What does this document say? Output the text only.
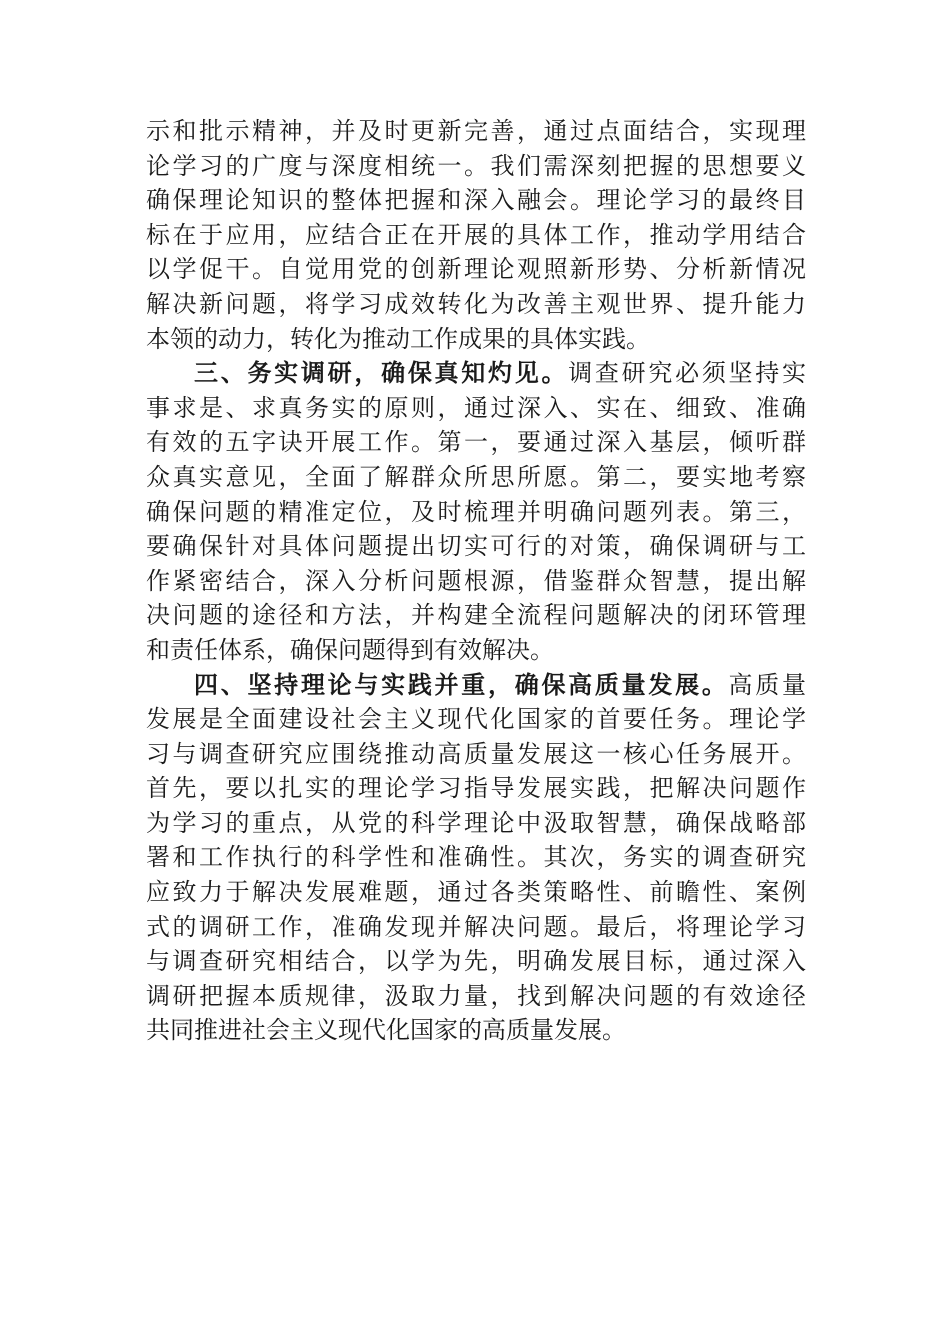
示和批示精神，并及时更新完善，通过点面结合，实现理
论学习的广度与深度相统一。我们需深刻把握的思想要义
确保理论知识的整体把握和深入融会。理论学习的最终目
标在于应用，应结合正在开展的具体工作，推动学用结合
以学促干。自觉用党的创新理论观照新形势、分析新情况
解决新问题，将学习成效转化为改善主观世界、提升能力
本领的动力，转化为推动工作成果的具体实践。
三、务实调研，确保真知灼见。调查研究必须坚持实
事求是、求真务实的原则，通过深入、实在、细致、准确
有效的五字诀开展工作。第一，要通过深入基层，倾听群
众真实意见，全面了解群众所思所愿。第二，要实地考察
确保问题的精准定位，及时梳理并明确问题列表。第三，
要确保针对具体问题提出切实可行的对策，确保调研与工
作紧密结合，深入分析问题根源，借鉴群众智慧，提出解
决问题的途径和方法，并构建全流程问题解决的闭环管理
和责任体系，确保问题得到有效解决。
四、坚持理论与实践并重，确保高质量发展。高质量
发展是全面建设社会主义现代化国家的首要任务。理论学
习与调查研究应围绕推动高质量发展这一核心任务展开。
首先，要以扎实的理论学习指导发展实践，把解决问题作
为学习的重点，从党的科学理论中汲取智慧，确保战略部
署和工作执行的科学性和准确性。其次，务实的调查研究
应致力于解决发展难题，通过各类策略性、前瞻性、案例
式的调研工作，准确发现并解决问题。最后，将理论学习
与调查研究相结合，以学为先，明确发展目标，通过深入
调研把握本质规律，汲取力量，找到解决问题的有效途径
共同推进社会主义现代化国家的高质量发展。
